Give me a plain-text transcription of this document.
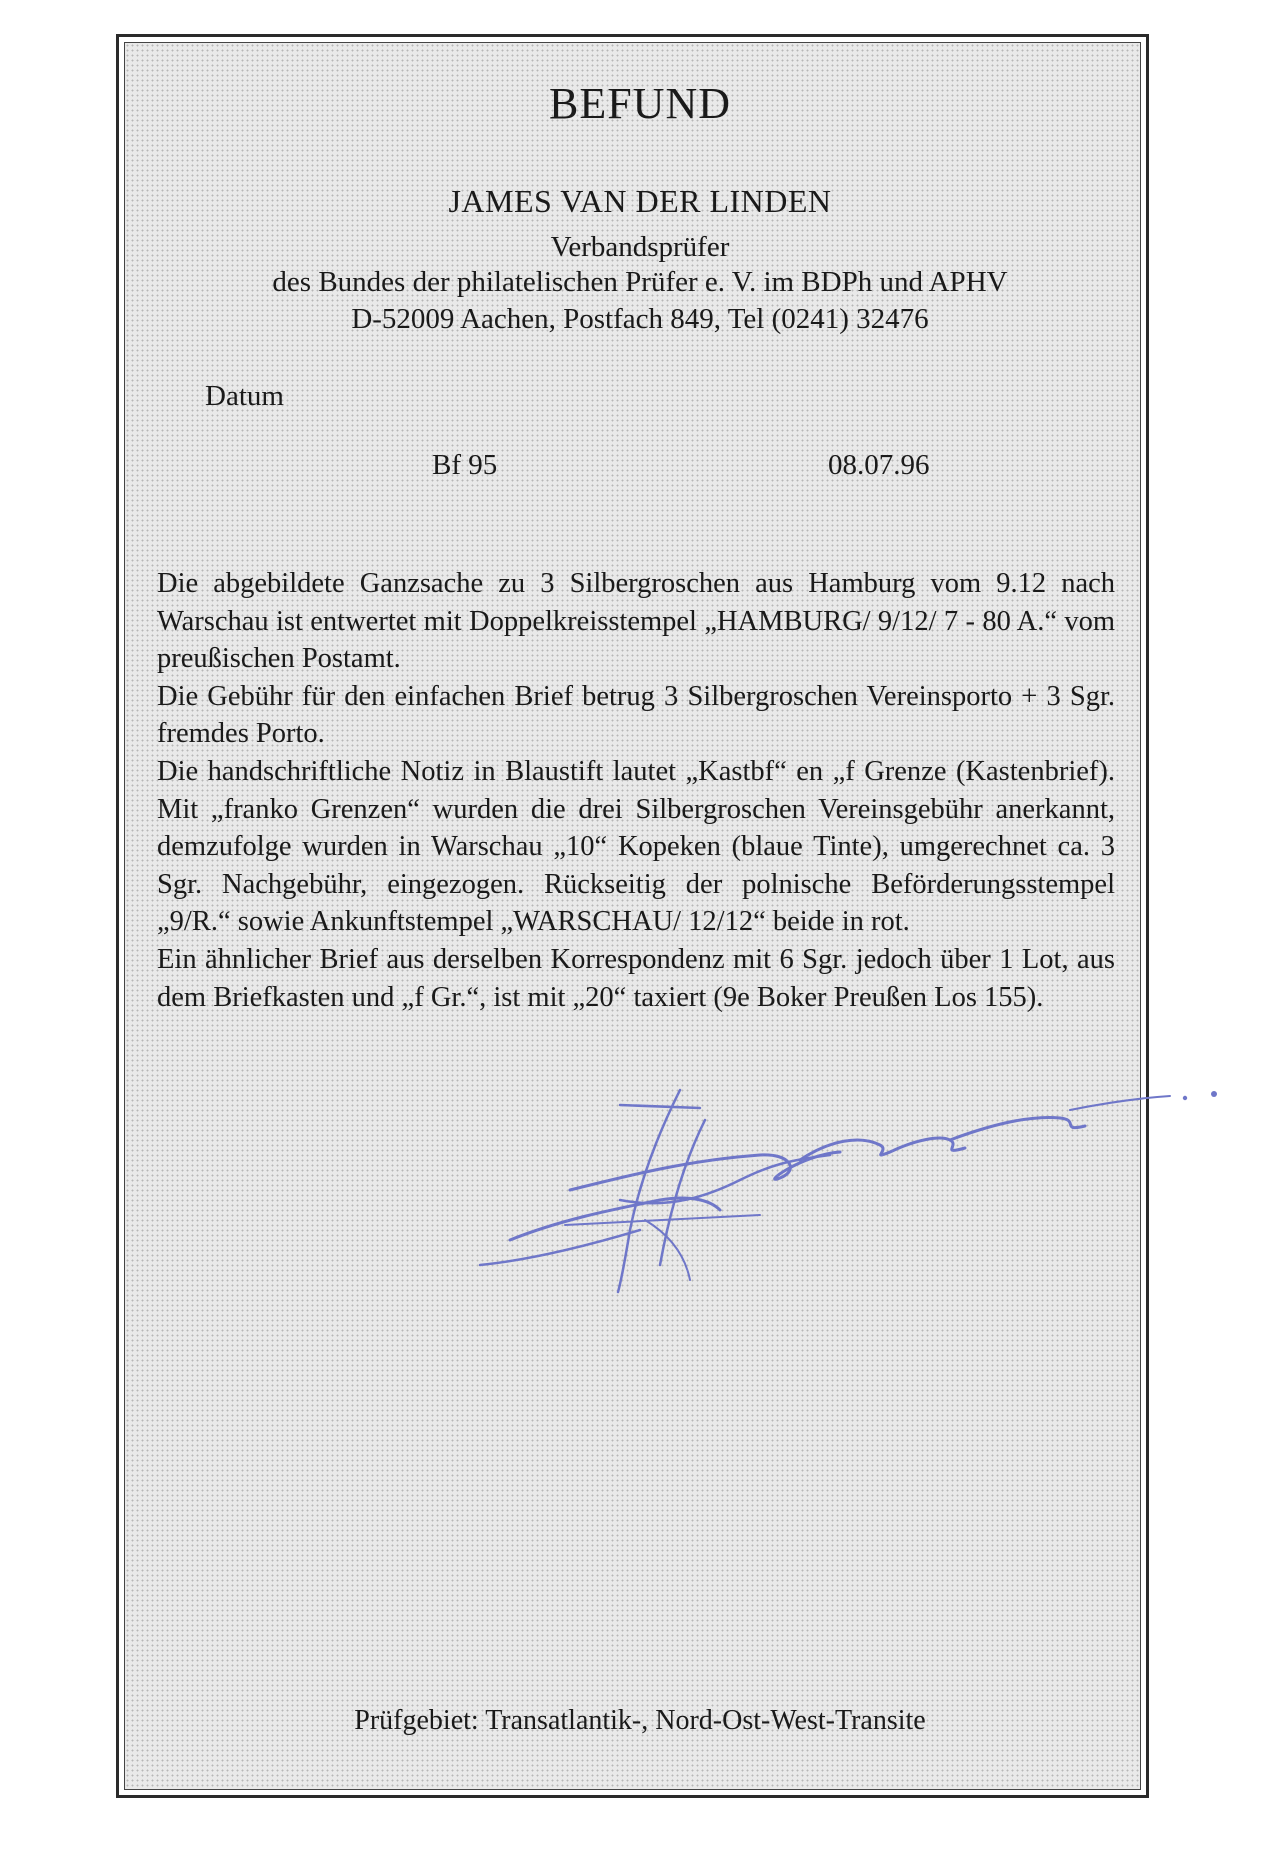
BEFUND
JAMES VAN DER LINDEN
Verbandsprüfer
des Bundes der philatelischen Prüfer e. V. im BDPh und APHV
D-52009 Aachen, Postfach 849, Tel (0241) 32476
Datum
Bf 95	08.07.96

Die abgebildete Ganzsache zu 3 Silbergroschen aus Hamburg vom 9.12 nach Warschau ist entwertet mit Doppelkreisstempel „HAMBURG/ 9/12/ 7 - 80 A.“ vom preußischen Postamt.

Die Gebühr für den einfachen Brief betrug 3 Silbergroschen Vereinsporto + 3 Sgr. fremdes Porto.

Die handschriftliche Notiz in Blaustift lautet „Kastbf“ en „f Grenze (Kastenbrief).

Mit „franko Grenzen“ wurden die drei Silbergroschen Vereinsgebühr anerkannt, demzufolge wurden in Warschau „10“ Kopeken (blaue Tinte), umgerechnet ca. 3 Sgr. Nachgebühr, eingezogen. Rückseitig der polnische Beförderungsstempel „9/R.“ sowie Ankunftstempel „WARSCHAU/ 12/12“ beide in rot.

Ein ähnlicher Brief aus derselben Korrespondenz mit 6 Sgr. jedoch über 1 Lot, aus dem Briefkasten und „f Gr.“, ist mit „20“ taxiert (9e Boker Preußen Los 155).

Prüfgebiet: Transatlantik-, Nord-Ost-West-Transite
